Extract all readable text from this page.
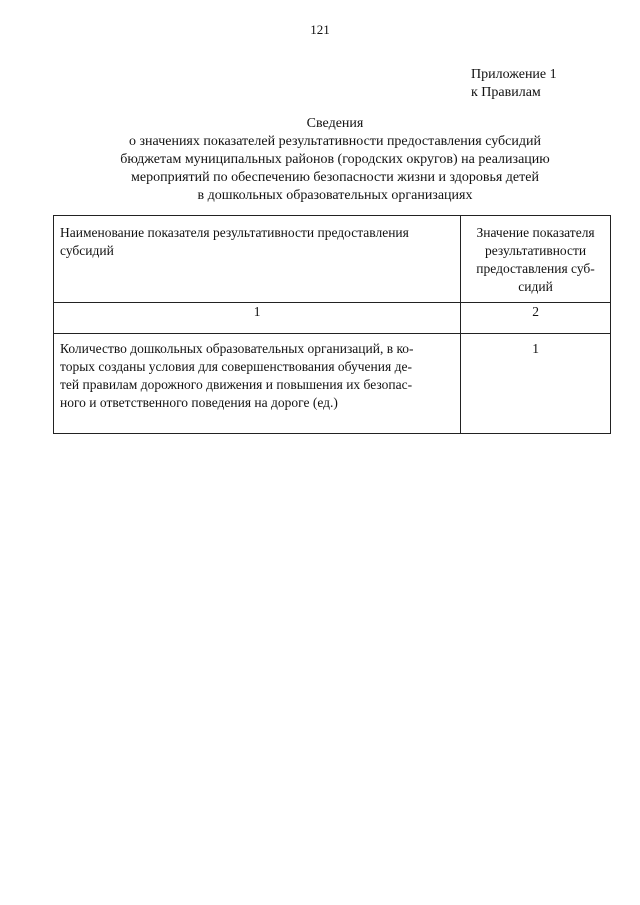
121
Приложение 1
к Правилам
Сведения
о значениях показателей результативности предоставления субсидий
бюджетам муниципальных районов (городских округов) на реализацию
мероприятий по обеспечению безопасности жизни и здоровья детей
в дошкольных образовательных организациях
Наименование показателя результативности предоставления субсидий	Значение показателя
результативности
предоставления суб-
сидий

1	2

Количество дошкольных образовательных организаций, в ко-
торых созданы условия для совершенствования обучения де-
тей правилам дорожного движения и повышения их безопас-
ного и ответственного поведения на дороге (ед.)	1
